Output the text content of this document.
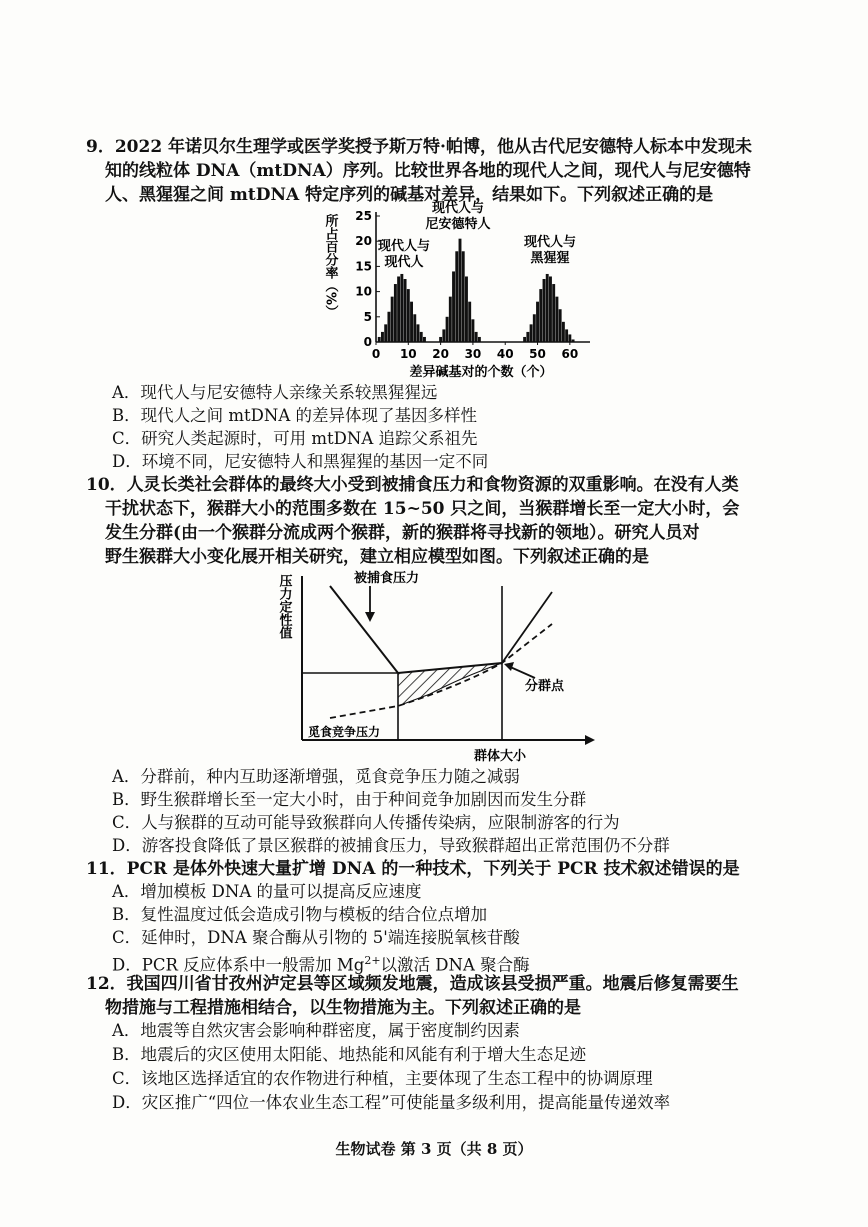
9．2022 年诺贝尔生理学或医学奖授予斯万特·帕博，他从古代尼安德特人标本中发现未
知的线粒体 DNA（mtDNA）序列。比较世界各地的现代人之间，现代人与尼安德特
人、黑猩猩之间 mtDNA 特定序列的碱基对差异，结果如下。下列叙述正确的是
0
5
10
15
20
25
0 10 20 30 40 50 60
所占百分率（%）
差异碱基对的个数（个）
现代人与
现代人
现代人与
尼安德特人
现代人与
黑猩猩
A．现代人与尼安德特人亲缘关系较黑猩猩远
B．现代人之间 mtDNA 的差异体现了基因多样性
C．研究人类起源时，可用 mtDNA 追踪父系祖先
D．环境不同，尼安德特人和黑猩猩的基因一定不同
10．人灵长类社会群体的最终大小受到被捕食压力和食物资源的双重影响。在没有人类
干扰状态下，猴群大小的范围多数在 15~50 只之间，当猴群增长至一定大小时，会
发生分群(由一个猴群分流成两个猴群，新的猴群将寻找新的领地）。研究人员对
野生猴群大小变化展开相关研究，建立相应模型如图。下列叙述正确的是
压力定性值	被捕食压力
分群点
觅食竞争压力
群体大小
A．分群前，种内互助逐渐增强，觅食竞争压力随之减弱
B．野生猴群增长至一定大小时，由于种间竞争加剧因而发生分群
C．人与猴群的互动可能导致猴群向人传播传染病，应限制游客的行为
D．游客投食降低了景区猴群的被捕食压力，导致猴群超出正常范围仍不分群
11．PCR 是体外快速大量扩增 DNA 的一种技术，下列关于 PCR 技术叙述错误的是
A．增加模板 DNA 的量可以提高反应速度
B．复性温度过低会造成引物与模板的结合位点增加
C．延伸时，DNA 聚合酶从引物的 5'端连接脱氧核苷酸
D．PCR 反应体系中一般需加 $Mg^{2+}$以激活 DNA 聚合酶
12．我国四川省甘孜州泸定县等区域频发地震，造成该县受损严重。地震后修复需要生
物措施与工程措施相结合，以生物措施为主。下列叙述正确的是
A．地震等自然灾害会影响种群密度，属于密度制约因素
B．地震后的灾区使用太阳能、地热能和风能有利于增大生态足迹
C．该地区选择适宜的农作物进行种植，主要体现了生态工程中的协调原理
D．灾区推广“四位一体农业生态工程”可使能量多级利用，提高能量传递效率
生物试卷 第 3 页（共 8 页）
